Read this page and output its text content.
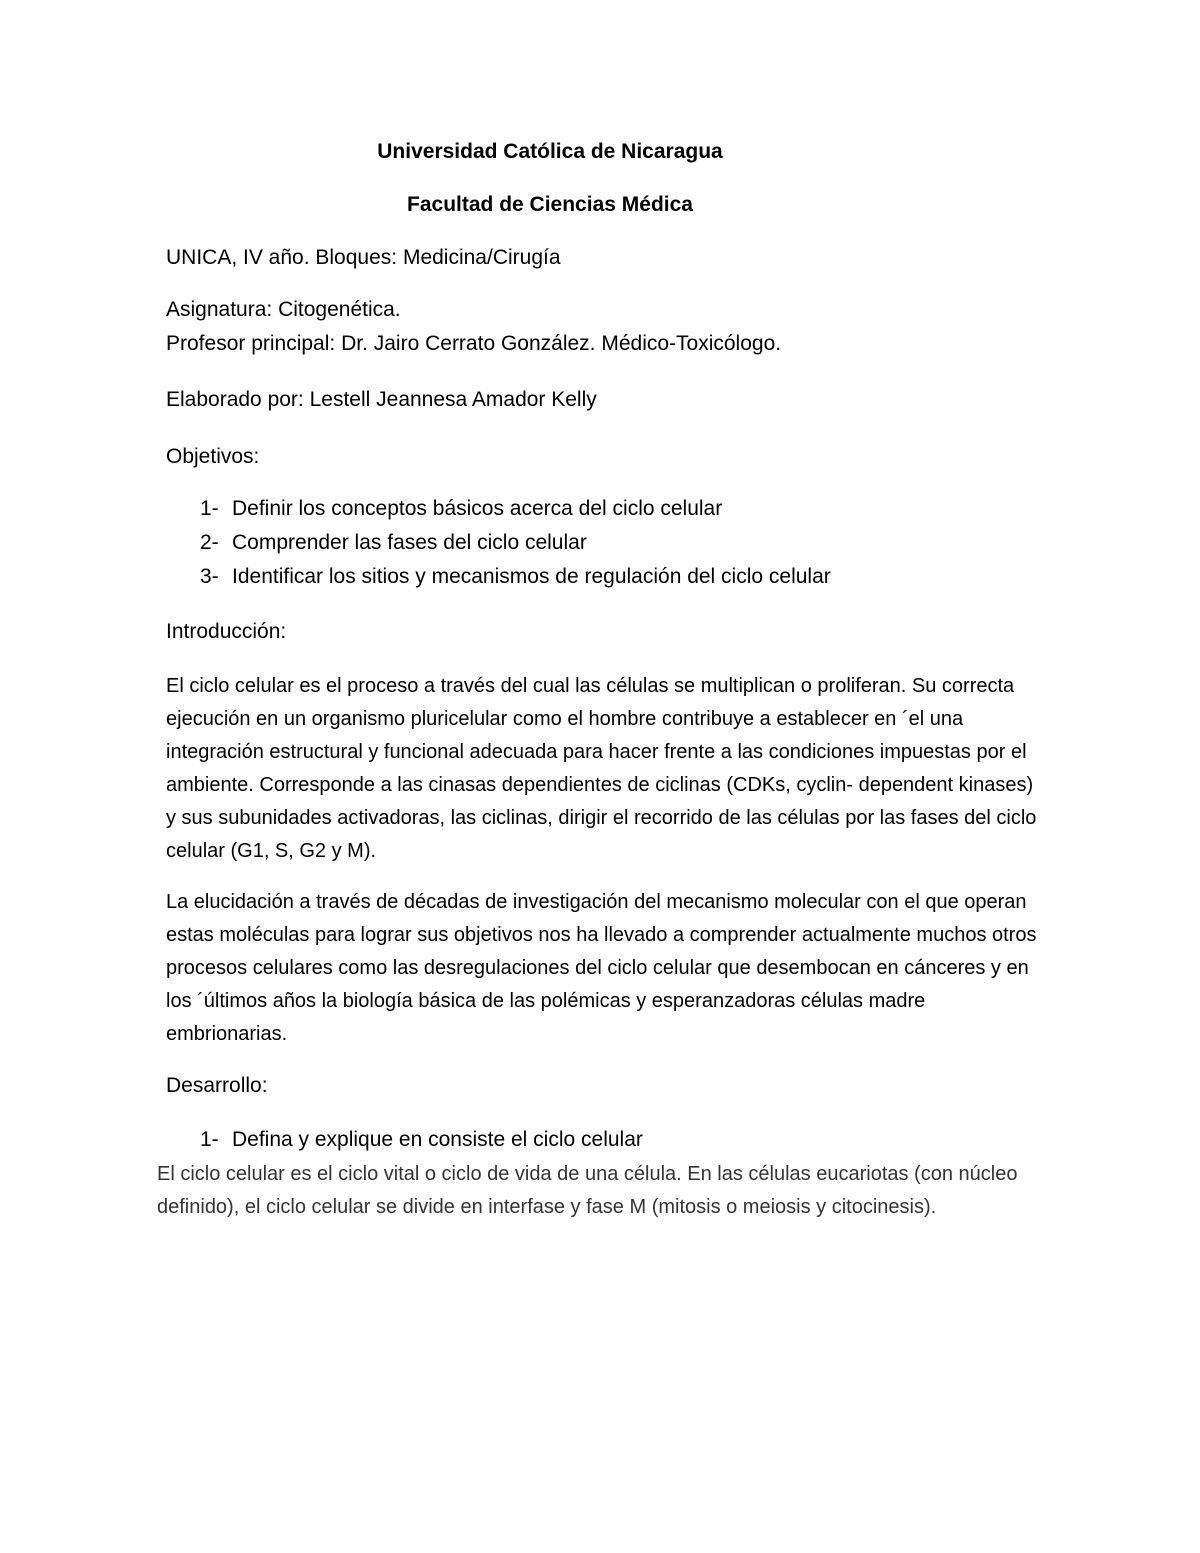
Universidad Católica de Nicaragua
Facultad de Ciencias Médica

UNICA, IV año. Bloques: Medicina/Cirugía

Asignatura: Citogenética.

Profesor principal: Dr. Jairo Cerrato González. Médico-Toxicólogo.

Elaborado por: Lestell Jeannesa Amador Kelly

Objetivos:

1- Definir los conceptos básicos acerca del ciclo celular
2- Comprender las fases del ciclo celular
3- Identificar los sitios y mecanismos de regulación del ciclo celular

Introducción:

El ciclo celular es el proceso a través del cual las células se multiplican o proliferan. Su correcta ejecución en un organismo pluricelular como el hombre contribuye a establecer en ´el una integración estructural y funcional adecuada para hacer frente a las condiciones impuestas por el ambiente. Corresponde a las cinasas dependientes de ciclinas (CDKs, cyclin- dependent kinases) y sus subunidades activadoras, las ciclinas, dirigir el recorrido de las células por las fases del ciclo celular (G1, S, G2 y M).

La elucidación a través de décadas de investigación del mecanismo molecular con el que operan estas moléculas para lograr sus objetivos nos ha llevado a comprender actualmente muchos otros procesos celulares como las desregulaciones del ciclo celular que desembocan en cánceres y en los ´últimos años la biología básica de las polémicas y esperanzadoras células madre embrionarias.

Desarrollo:

1- Defina y explique en consiste el ciclo celular

El ciclo celular es el ciclo vital o ciclo de vida de una célula. En las células eucariotas (con núcleo definido), el ciclo celular se divide en interfase y fase M (mitosis o meiosis y citocinesis).
